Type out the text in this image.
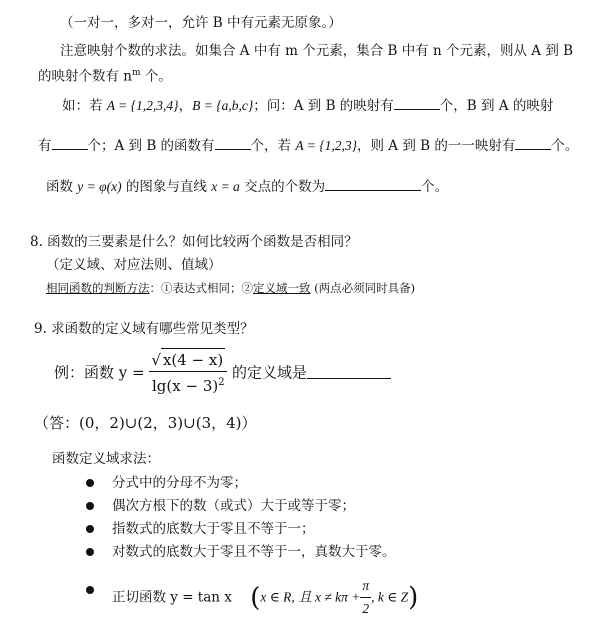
（一对一，多对一，允许 B 中有元素无原象。）
注意映射个数的求法。如集合 A 中有 m 个元素，集合 B 中有 n 个元素，则从 A 到 B
的映射个数有 $n^m$ 个。
如：若 A = {1,2,3,4}，B = {a,b,c}；问：A 到 B 的映射有	个，B 到 A 的映射
有	个；A 到 B 的函数有	个，若 A = {1,2,3}，则 A 到 B 的一一映射有	个。
函数 y = φ(x) 的图象与直线 x = a 交点的个数为	个。
8. 函数的三要素是什么？如何比较两个函数是否相同？
（定义域、对应法则、值域）
相同函数的判断方法：①表达式相同；②定义域一致 (两点必须同时具备)
9. 求函数的定义域有哪些常见类型？
例：函数 $y = \frac{√ x(4 - x)}{\lg(x - 3)^2}$ 的定义域是
（答：(0，2)∪(2，3)∪(3，4)）
函数定义域求法：
分式中的分母不为零；
偶次方根下的数（或式）大于或等于零；
指数式的底数大于零且不等于一；
对数式的底数大于零且不等于一，真数大于零。
正切函数 y = tan x (x ∈ R, 且 $x \ne k\pi + \frac{\pi}{2}$ , k ∈ Z)
